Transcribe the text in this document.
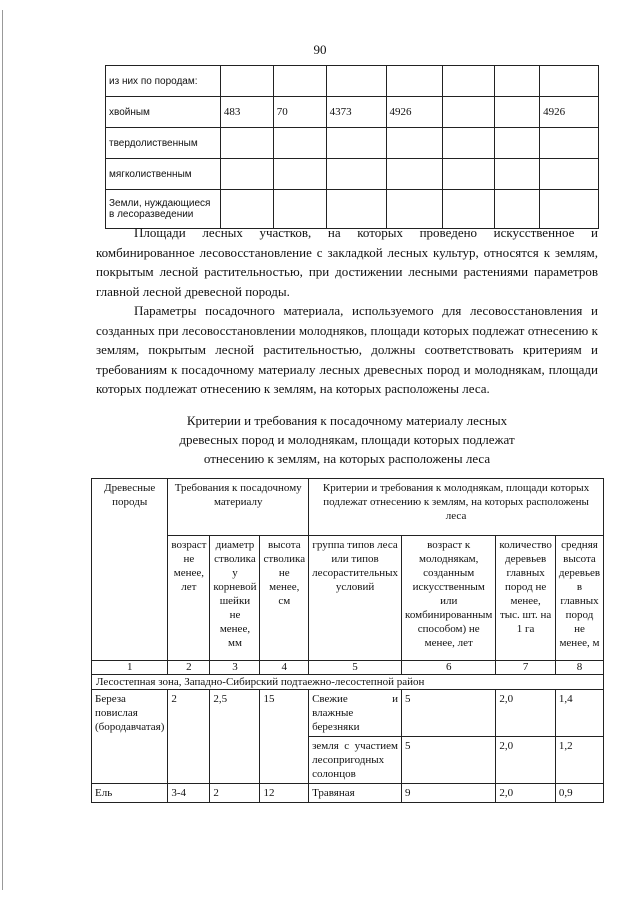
90
из них по породам:							
хвойным	483	70	4373	4926			4926
твердолиственным							
мягколиственным							
Земли, нуждающиеся в лесоразведении							

Площади лесных участков, на которых проведено искусственное и комбинированное лесовосстановление с закладкой лесных культур, относятся к землям, покрытым лесной растительностью, при достижении лесными растениями параметров главной лесной древесной породы.

Параметры посадочного материала, используемого для лесовосстановления и созданных при лесовосстановлении молодняков, площади которых подлежат отнесению к землям, покрытым лесной растительностью, должны соответствовать критериям и требованиям к посадочному материалу лесных древесных пород и молоднякам, площади которых подлежат отнесению к землям, на которых расположены леса.

Критерии и требования к посадочному материалу лесных
древесных пород и молоднякам, площади которых подлежат
отнесению к землям, на которых расположены леса
Древесные породы	Требования к посадочному материалу			Критерии и требования к молоднякам, площади которых подлежат отнесению к землям, на которых расположены леса			
	возраст не менее, лет	диаметр стволика у корневой шейки не менее, мм	высота стволика не менее, см	группа типов леса или типов лесорастительных условий	возраст к молоднякам, созданным искусственным или комбинированным способом) не менее, лет	количество деревьев главных пород не менее, тыс. шт. на 1 га	средняя высота деревьев в главных пород не менее, м
1	2	3	4	5	6	7	8
Лесостепная зона, Западно-Сибирский подтаежно-лесостепной район							
Береза повислая (бородавчатая)	2	2,5	15	Свежие и влажные березняки	5	2,0	1,4
				земля с участием лесопригодных солонцов	5	2,0	1,2
Ель	3-4	2	12	Травяная	9	2,0	0,9
